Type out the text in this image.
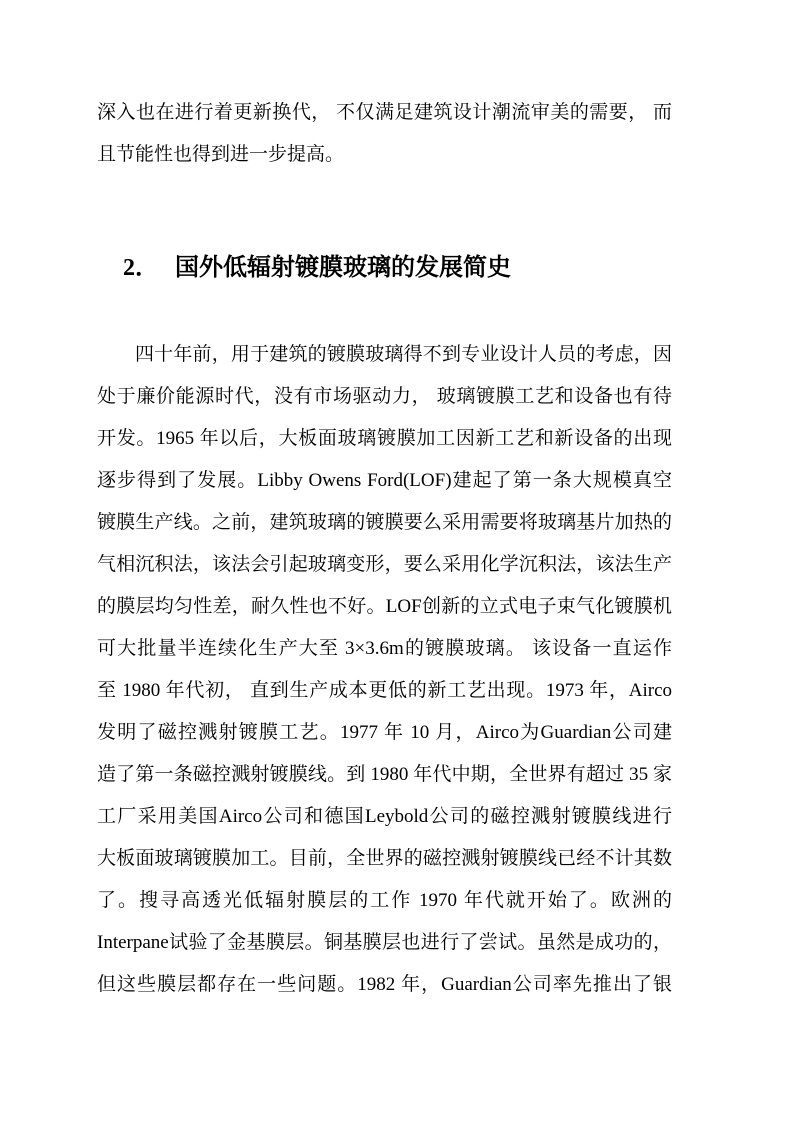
深入也在进行着更新换代， 不仅满足建筑设计潮流审美的需要， 而
且节能性也得到进一步提高。
2． 国外低辐射镀膜玻璃的发展简史
四十年前，用于建筑的镀膜玻璃得不到专业设计人员的考虑，因
处于廉价能源时代，没有市场驱动力， 玻璃镀膜工艺和设备也有待
开发。1965 年以后，大板面玻璃镀膜加工因新工艺和新设备的出现
逐步得到了发展。Libby Owens Ford(LOF)建起了第一条大规模真空
镀膜生产线。之前，建筑玻璃的镀膜要么采用需要将玻璃基片加热的
气相沉积法，该法会引起玻璃变形，要么采用化学沉积法，该法生产
的膜层均匀性差，耐久性也不好。LOF创新的立式电子束气化镀膜机
可大批量半连续化生产大至 3×3.6m的镀膜玻璃。 该设备一直运作
至 1980 年代初， 直到生产成本更低的新工艺出现。1973 年，Airco
发明了磁控溅射镀膜工艺。1977 年 10 月，Airco为Guardian公司建
造了第一条磁控溅射镀膜线。到 1980 年代中期，全世界有超过 35 家
工厂采用美国Airco公司和德国Leybold公司的磁控溅射镀膜线进行
大板面玻璃镀膜加工。目前，全世界的磁控溅射镀膜线已经不计其数
了。搜寻高透光低辐射膜层的工作 1970 年代就开始了。欧洲的
Interpane试验了金基膜层。铜基膜层也进行了尝试。虽然是成功的，
但这些膜层都存在一些问题。1982 年，Guardian公司率先推出了银
